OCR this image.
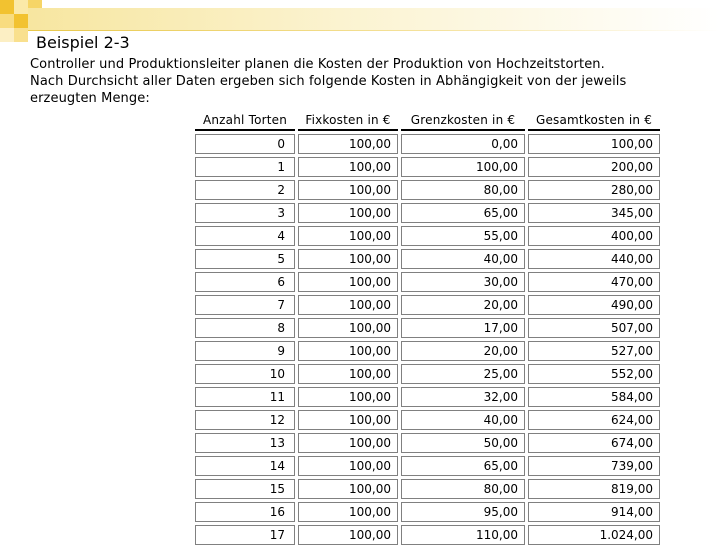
Beispiel 2-3
Controller und Produktionsleiter planen die Kosten der Produktion von Hochzeitstorten.
Nach Durchsicht aller Daten ergeben sich folgende Kosten in Abhängigkeit von der jeweils
erzeugten Menge:
Anzahl Torten	Fixkosten in €	Grenzkosten in €	Gesamtkosten in €
0	100,00	0,00	100,00
1	100,00	100,00	200,00
2	100,00	80,00	280,00
3	100,00	65,00	345,00
4	100,00	55,00	400,00
5	100,00	40,00	440,00
6	100,00	30,00	470,00
7	100,00	20,00	490,00
8	100,00	17,00	507,00
9	100,00	20,00	527,00
10	100,00	25,00	552,00
11	100,00	32,00	584,00
12	100,00	40,00	624,00
13	100,00	50,00	674,00
14	100,00	65,00	739,00
15	100,00	80,00	819,00
16	100,00	95,00	914,00
17	100,00	110,00	1.024,00
